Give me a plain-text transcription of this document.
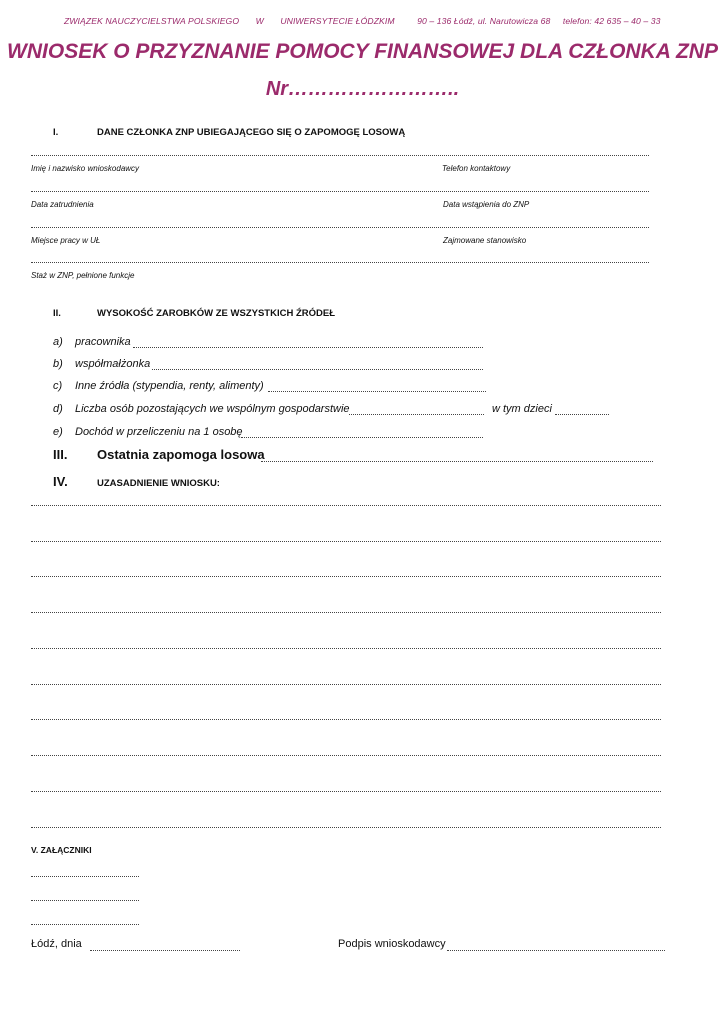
ZWIĄZEK NAUCZYCIELSTWA POLSKIEGO W UNIWERSYTECIE ŁÓDZKIM	90 – 136 Łódź, ul. Narutowicza 68 telefon: 42 635 – 40 – 33
WNIOSEK O PRZYZNANIE POMOCY FINANSOWEJ DLA CZŁONKA ZNP
Nr……………………..
I.	DANE CZŁONKA ZNP UBIEGAJĄCEGO SIĘ O ZAPOMOGĘ LOSOWĄ
Imię i nazwisko wnioskodawcy	Telefon kontaktowy
Data zatrudnienia	Data wstąpienia do ZNP
Miejsce pracy w UŁ	Zajmowane stanowisko
Staż w ZNP, pełnione funkcje
II.	WYSOKOŚĆ ZAROBKÓW ZE WSZYSTKICH ŹRÓDEŁ
a) pracownika
b) współmałżonka
c) Inne źródła (stypendia, renty, alimenty)
d) Liczba osób pozostających we wspólnym gospodarstwie	w tym dzieci
e) Dochód w przeliczeniu na 1 osobę
III. Ostatnia zapomoga losowa
IV.	UZASADNIENIE WNIOSKU:
V. ZAŁĄCZNIKI
Łódź, dnia	Podpis wnioskodawcy
